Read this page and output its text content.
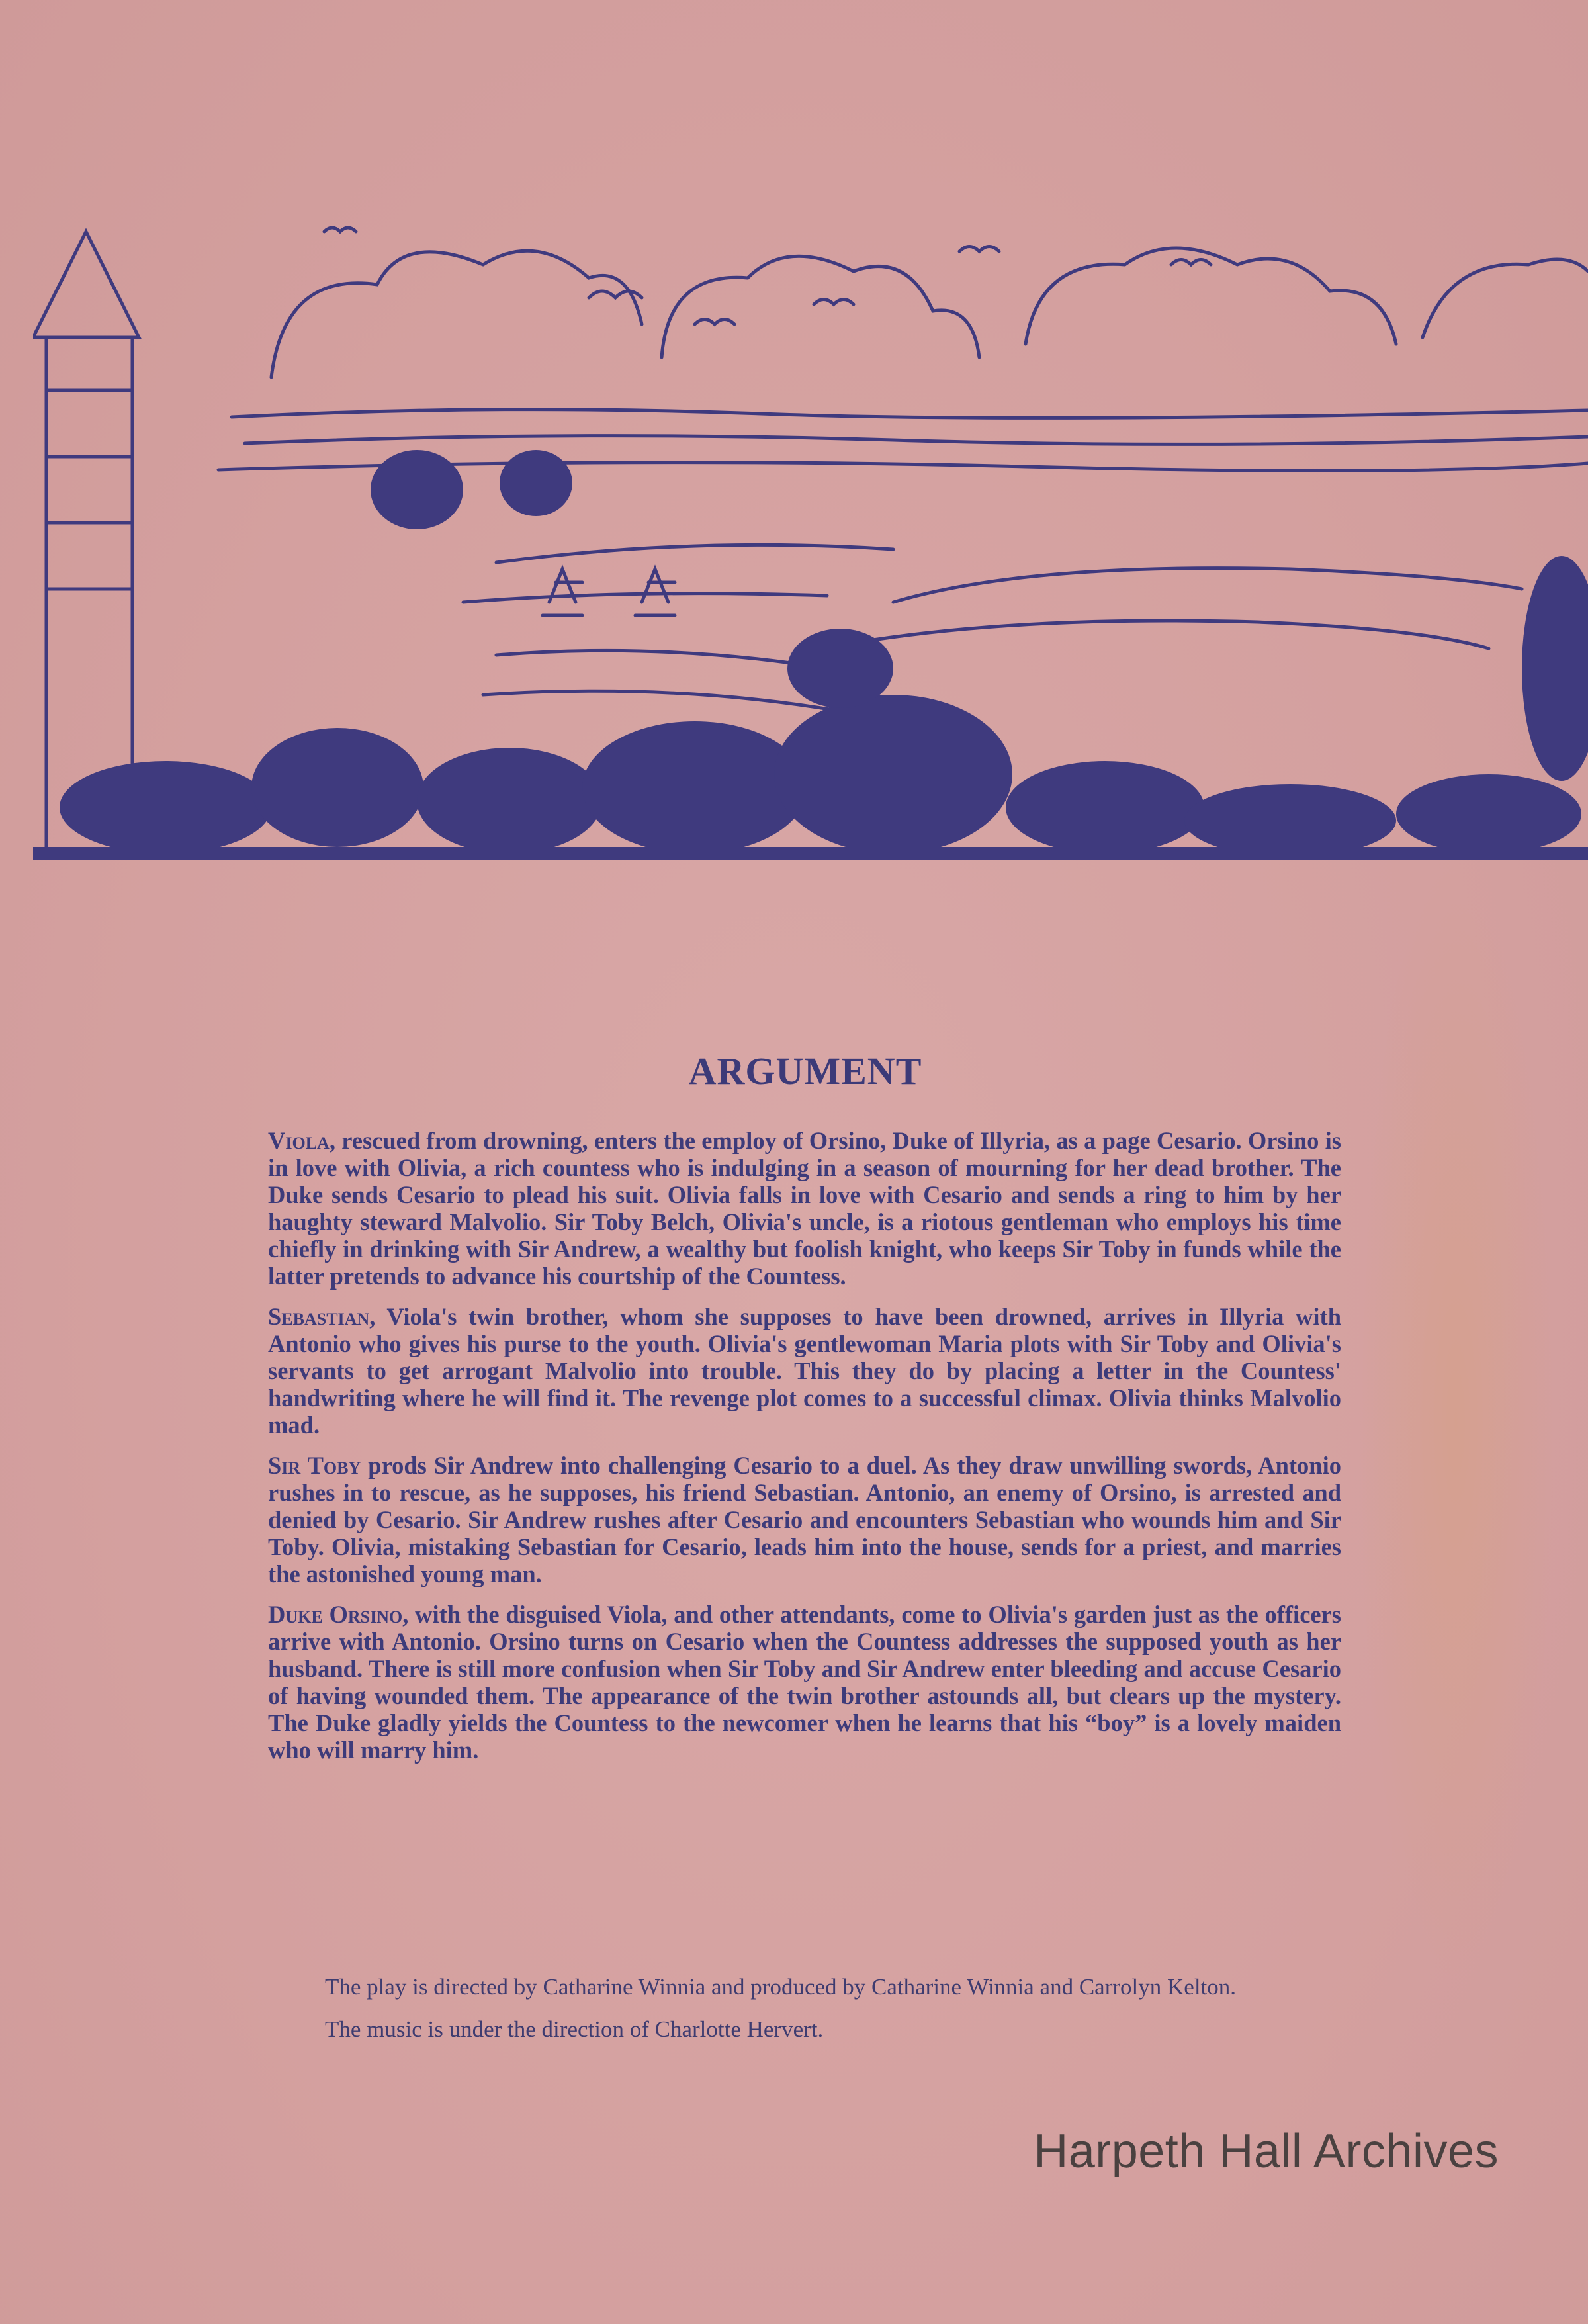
ARGUMENT

Viola, rescued from drowning, enters the employ of Orsino, Duke of Illyria, as a page Cesario. Orsino is in love with Olivia, a rich countess who is indulging in a season of mourning for her dead brother. The Duke sends Cesario to plead his suit. Olivia falls in love with Cesario and sends a ring to him by her haughty steward Malvolio. Sir Toby Belch, Olivia's uncle, is a riotous gentleman who employs his time chiefly in drinking with Sir Andrew, a wealthy but foolish knight, who keeps Sir Toby in funds while the latter pretends to advance his courtship of the Countess.

Sebastian, Viola's twin brother, whom she supposes to have been drowned, arrives in Illyria with Antonio who gives his purse to the youth. Olivia's gentlewoman Maria plots with Sir Toby and Olivia's servants to get arrogant Malvolio into trouble. This they do by placing a letter in the Countess' handwriting where he will find it. The revenge plot comes to a successful climax. Olivia thinks Malvolio mad.

Sir Toby prods Sir Andrew into challenging Cesario to a duel. As they draw unwilling swords, Antonio rushes in to rescue, as he supposes, his friend Sebastian. Antonio, an enemy of Orsino, is arrested and denied by Cesario. Sir Andrew rushes after Cesario and encounters Sebastian who wounds him and Sir Toby. Olivia, mistaking Sebastian for Cesario, leads him into the house, sends for a priest, and marries the astonished young man.

Duke Orsino, with the disguised Viola, and other attendants, come to Olivia's garden just as the officers arrive with Antonio. Orsino turns on Cesario when the Countess addresses the supposed youth as her husband. There is still more confusion when Sir Toby and Sir Andrew enter bleeding and accuse Cesario of having wounded them. The appearance of the twin brother astounds all, but clears up the mystery. The Duke gladly yields the Countess to the newcomer when he learns that his “boy” is a lovely maiden who will marry him.

The play is directed by Catharine Winnia and produced by Catharine Winnia and Carrolyn Kelton.

The music is under the direction of Charlotte Hervert.

Harpeth Hall Archives
